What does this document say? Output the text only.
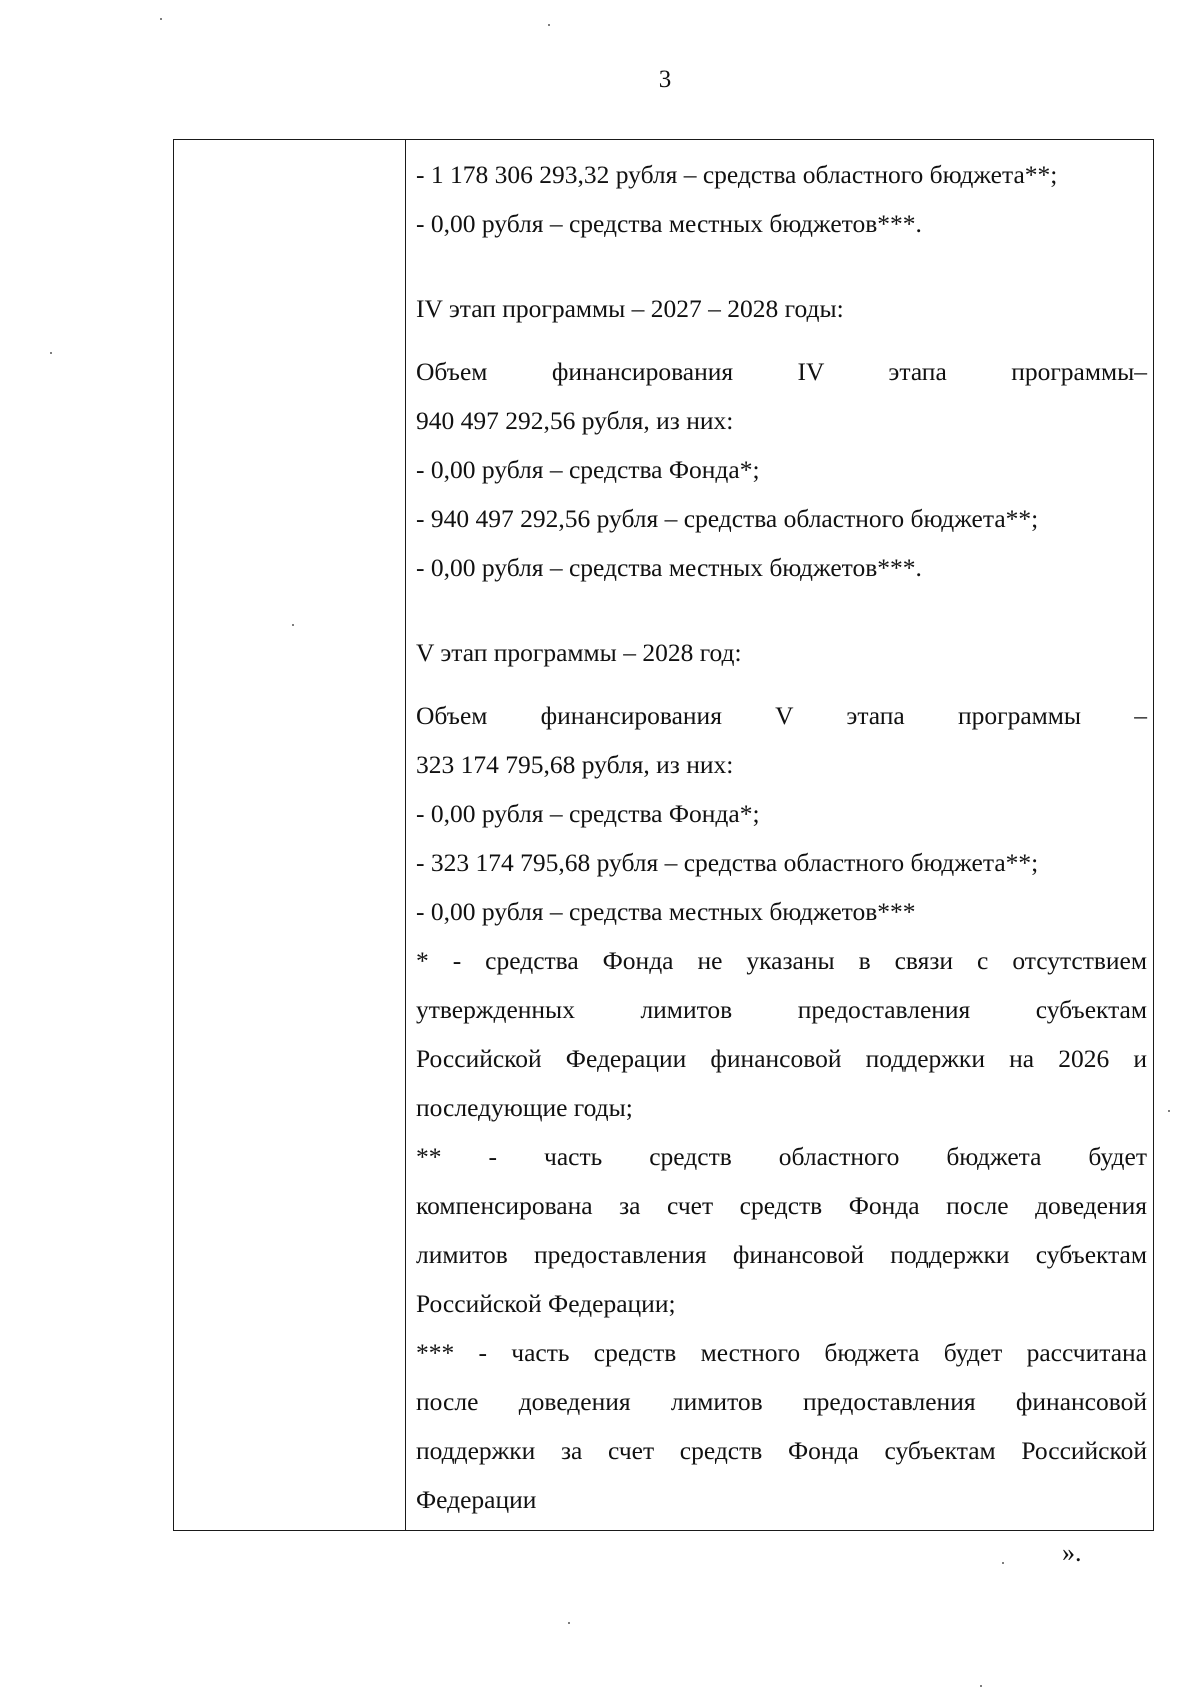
3
- 1 178 306 293,32 рубля – средства областного бюджета**;
- 0,00 рубля – средства местных бюджетов***.
IV этап программы – 2027 – 2028 годы:
Объем	финансирования	IV	этапа	программы–
940 497 292,56 рубля, из них:
- 0,00 рубля – средства Фонда*;
- 940 497 292,56 рубля – средства областного бюджета**;
- 0,00 рубля – средства местных бюджетов***.
V этап программы – 2028 год:
Объем финансирования V этапа программы –
323 174 795,68 рубля, из них:
- 0,00 рубля – средства Фонда*;
- 323 174 795,68 рубля – средства областного бюджета**;
- 0,00 рубля – средства местных бюджетов***
* - средства Фонда не указаны в связи с отсутствием
утвержденных лимитов предоставления субъектам
Российской Федерации финансовой поддержки на 2026 и
последующие годы;
** - часть средств областного бюджета будет
компенсирована за счет средств Фонда после доведения
лимитов предоставления финансовой поддержки субъектам
Российской Федерации;
*** - часть средств местного бюджета будет рассчитана
после доведения лимитов предоставления финансовой
поддержки за счет средств Фонда субъектам Российской
Федерации
».
